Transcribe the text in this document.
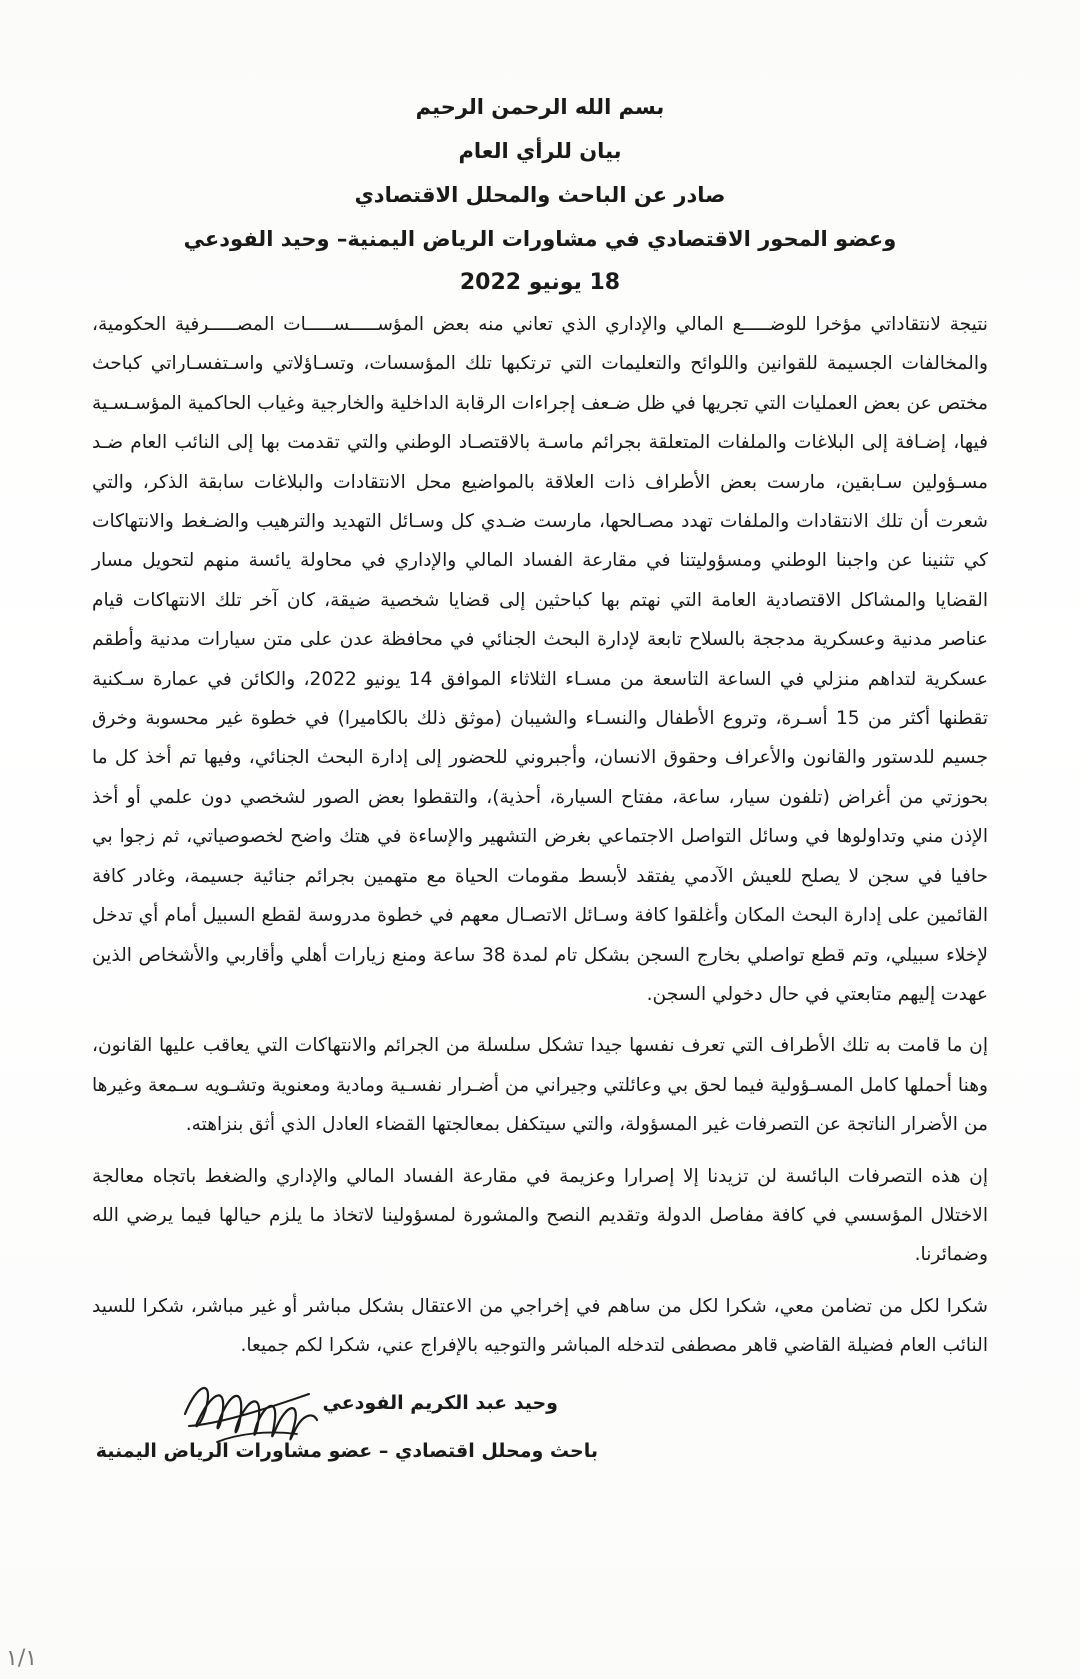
بسم الله الرحمن الرحيم
بيان للرأي العام
صادر عن الباحث والمحلل الاقتصادي
وعضو المحور الاقتصادي في مشاورات الرياض اليمنية– وحيد الفودعي
18 يونيو 2022

نتيجة لانتقاداتي مؤخرا للوضـــــع المالي والإداري الذي تعاني منه بعض المؤســـــســـــات المصـــــرفية الحكومية، والمخالفات الجسيمة للقوانين واللوائح والتعليمات التي ترتكبها تلك المؤسسات، وتسـاؤلاتي واسـتفسـاراتي كباحث مختص عن بعض العمليات التي تجريها في ظل ضـعف إجراءات الرقابة الداخلية والخارجية وغياب الحاكمية المؤسـسـية فيها، إضـافة إلى البلاغات والملفات المتعلقة بجرائم ماسـة بالاقتصـاد الوطني والتي تقدمت بها إلى النائب العام ضـد مسـؤولين سـابقين، مارست بعض الأطراف ذات العلاقة بالمواضيع محل الانتقادات والبلاغات سابقة الذكر، والتي شعرت أن تلك الانتقادات والملفات تهدد مصـالحها، مارست ضـدي كل وسـائل التهديد والترهيب والضـغط والانتهاكات كي تثنينا عن واجبنا الوطني ومسؤوليتنا في مقارعة الفساد المالي والإداري في محاولة يائسة منهم لتحويل مسار القضايا والمشاكل الاقتصادية العامة التي نهتم بها كباحثين إلى قضايا شخصية ضيقة، كان آخر تلك الانتهاكات قيام عناصر مدنية وعسكرية مدججة بالسلاح تابعة لإدارة البحث الجنائي في محافظة عدن على متن سيارات مدنية وأطقم عسكرية لتداهم منزلي في الساعة التاسعة من مسـاء الثلاثاء الموافق 14 يونيو 2022، والكائن في عمارة سـكنية تقطنها أكثر من 15 أسـرة، وتروع الأطفال والنسـاء والشيبان (موثق ذلك بالكاميرا) في خطوة غير محسوبة وخرق جسيم للدستور والقانون والأعراف وحقوق الانسان، وأجبروني للحضور إلى إدارة البحث الجنائي، وفيها تم أخذ كل ما بحوزتي من أغراض (تلفون سيار، ساعة، مفتاح السيارة، أحذية)، والتقطوا بعض الصور لشخصي دون علمي أو أخذ الإذن مني وتداولوها في وسائل التواصل الاجتماعي بغرض التشهير والإساءة في هتك واضح لخصوصياتي، ثم زجوا بي حافيا في سجن لا يصلح للعيش الآدمي يفتقد لأبسط مقومات الحياة مع متهمين بجرائم جنائية جسيمة، وغادر كافة القائمين على إدارة البحث المكان وأغلقوا كافة وسـائل الاتصـال معهم في خطوة مدروسة لقطع السبيل أمام أي تدخل لإخلاء سبيلي، وتم قطع تواصلي بخارج السجن بشكل تام لمدة 38 ساعة ومنع زيارات أهلي وأقاربي والأشخاص الذين عهدت إليهم متابعتي في حال دخولي السجن.

إن ما قامت به تلك الأطراف التي تعرف نفسها جيدا تشكل سلسلة من الجرائم والانتهاكات التي يعاقب عليها القانون، وهنا أحملها كامل المسـؤولية فيما لحق بي وعائلتي وجيراني من أضـرار نفسـية ومادية ومعنوية وتشـويه سـمعة وغيرها من الأضرار الناتجة عن التصرفات غير المسؤولة، والتي سيتكفل بمعالجتها القضاء العادل الذي أثق بنزاهته.

إن هذه التصرفات البائسة لن تزيدنا إلا إصرارا وعزيمة في مقارعة الفساد المالي والإداري والضغط باتجاه معالجة الاختلال المؤسسي في كافة مفاصل الدولة وتقديم النصح والمشورة لمسؤولينا لاتخاذ ما يلزم حيالها فيما يرضي الله وضمائرنا.

شكرا لكل من تضامن معي، شكرا لكل من ساهم في إخراجي من الاعتقال بشكل مباشر أو غير مباشر، شكرا للسيد النائب العام فضيلة القاضي قاهر مصطفى لتدخله المباشر والتوجيه بالإفراج عني، شكرا لكم جميعا.

وحيد عبد الكريم الفودعي
باحث ومحلل اقتصادي – عضو مشاورات الرياض اليمنية
١/١
